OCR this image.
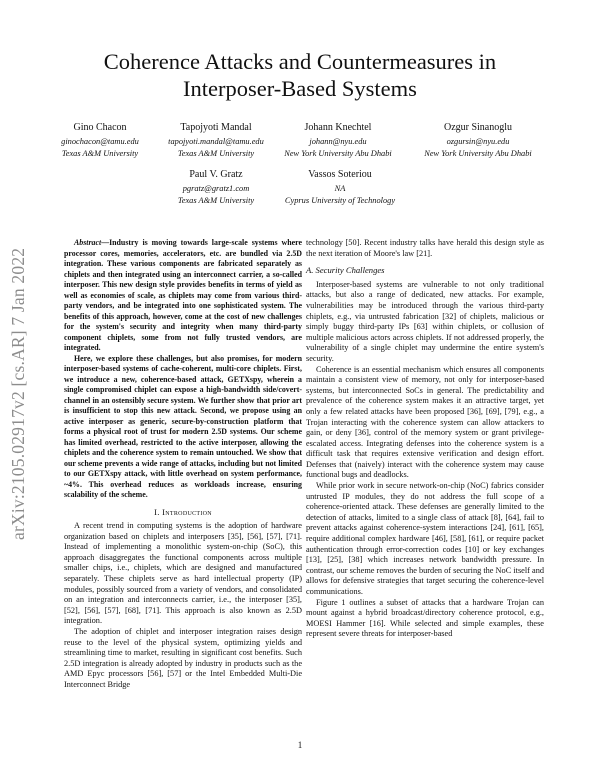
arXiv:2105.02917v2 [cs.AR] 7 Jan 2022
Coherence Attacks and Countermeasures in
Interposer-Based Systems
Gino Chacon
ginochacon@tamu.edu
Texas A&M University
Tapojyoti Mandal
tapojyoti.mandal@tamu.edu
Texas A&M University
Johann Knechtel
johann@nyu.edu
New York University Abu Dhabi
Ozgur Sinanoglu
ozgursin@nyu.edu
New York University Abu Dhabi
Paul V. Gratz
pgratz@gratz1.com
Texas A&M University
Vassos Soteriou
NA
Cyprus University of Technology

Abstract—Industry is moving towards large-scale systems where processor cores, memories, accelerators, etc. are bundled via 2.5D integration. These various components are fabricated separately as chiplets and then integrated using an interconnect carrier, a so-called interposer. This new design style provides benefits in terms of yield as well as economies of scale, as chiplets may come from various third-party vendors, and be integrated into one sophisticated system. The benefits of this approach, however, come at the cost of new challenges for the system's security and integrity when many third-party component chiplets, some from not fully trusted vendors, are integrated.

Here, we explore these challenges, but also promises, for modern interposer-based systems of cache-coherent, multi-core chiplets. First, we introduce a new, coherence-based attack, GETXspy, wherein a single compromised chiplet can expose a high-bandwidth side/covert-channel in an ostensibly secure system. We further show that prior art is insufficient to stop this new attack. Second, we propose using an active interposer as generic, secure-by-construction platform that forms a physical root of trust for modern 2.5D systems. Our scheme has limited overhead, restricted to the active interposer, allowing the chiplets and the coherence system to remain untouched. We show that our scheme prevents a wide range of attacks, including but not limited to our GETXspy attack, with little overhead on system performance, ~4%. This overhead reduces as workloads increase, ensuring scalability of the scheme.

I. Introduction

A recent trend in computing systems is the adoption of hardware organization based on chiplets and interposers [35], [56], [57], [71]. Instead of implementing a monolithic system-on-chip (SoC), this approach disaggregates the functional components across multiple smaller chips, i.e., chiplets, which are designed and manufactured separately. These chiplets serve as hard intellectual property (IP) modules, possibly sourced from a variety of vendors, and consolidated on an integration and interconnects carrier, i.e., the interposer [35], [52], [56], [57], [68], [71]. This approach is also known as 2.5D integration.

The adoption of chiplet and interposer integration raises design reuse to the level of the physical system, optimizing yields and streamlining time to market, resulting in significant cost benefits. Such 2.5D integration is already adopted by industry in products such as the AMD Epyc processors [56], [57] or the Intel Embedded Multi-Die Interconnect Bridge

technology [50]. Recent industry talks have herald this design style as the next iteration of Moore's law [21].

A. Security Challenges

Interposer-based systems are vulnerable to not only traditional attacks, but also a range of dedicated, new attacks. For example, vulnerabilities may be introduced through the various third-party chiplets, e.g., via untrusted fabrication [32] of chiplets, malicious or simply buggy third-party IPs [63] within chiplets, or collusion of multiple malicious actors across chiplets. If not addressed properly, the vulnerability of a single chiplet may undermine the entire system's security.

Coherence is an essential mechanism which ensures all components maintain a consistent view of memory, not only for interposer-based systems, but interconnected SoCs in general. The predictability and prevalence of the coherence system makes it an attractive target, yet only a few related attacks have been proposed [36], [69], [79], e.g., a Trojan interacting with the coherence system can allow attackers to gain, or deny [36], control of the memory system or grant privilege-escalated access. Integrating defenses into the coherence system is a difficult task that requires extensive verification and design effort. Defenses that (naively) interact with the coherence system may cause functional bugs and deadlocks.

While prior work in secure network-on-chip (NoC) fabrics consider untrusted IP modules, they do not address the full scope of a coherence-oriented attack. These defenses are generally limited to the detection of attacks, limited to a single class of attack [8], [64], fail to prevent attacks against coherence-system interactions [24], [61], [65], require additional complex hardware [46], [58], [61], or require packet authentication through error-correction codes [10] or key exchanges [13], [25], [38] which increases network bandwidth pressure. In contrast, our scheme removes the burden of securing the NoC itself and allows for defensive strategies that target securing the coherence-level communications.

Figure 1 outlines a subset of attacks that a hardware Trojan can mount against a hybrid broadcast/directory coherence protocol, e.g., MOESI Hammer [16]. While selected and simple examples, these represent severe threats for interposer-based

1
